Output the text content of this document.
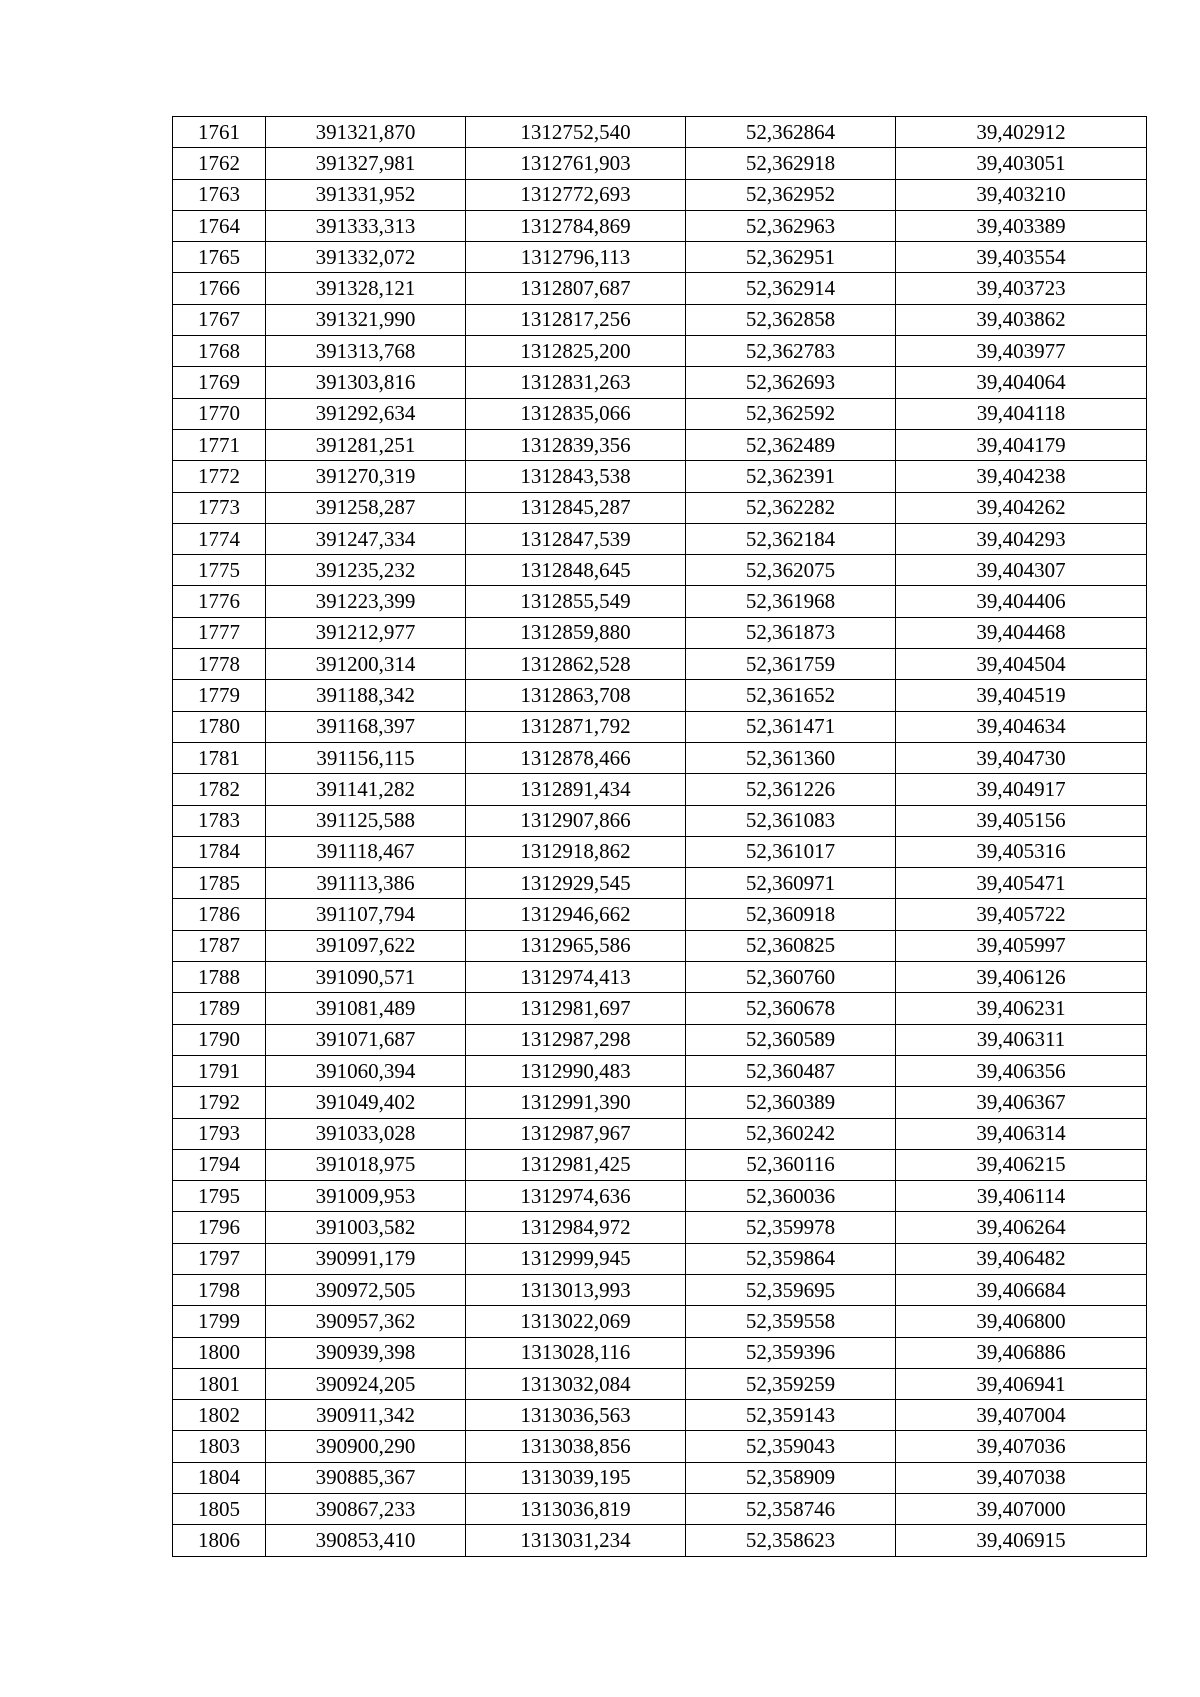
1761	391321,870	1312752,540	52,362864	39,402912
1762	391327,981	1312761,903	52,362918	39,403051
1763	391331,952	1312772,693	52,362952	39,403210
1764	391333,313	1312784,869	52,362963	39,403389
1765	391332,072	1312796,113	52,362951	39,403554
1766	391328,121	1312807,687	52,362914	39,403723
1767	391321,990	1312817,256	52,362858	39,403862
1768	391313,768	1312825,200	52,362783	39,403977
1769	391303,816	1312831,263	52,362693	39,404064
1770	391292,634	1312835,066	52,362592	39,404118
1771	391281,251	1312839,356	52,362489	39,404179
1772	391270,319	1312843,538	52,362391	39,404238
1773	391258,287	1312845,287	52,362282	39,404262
1774	391247,334	1312847,539	52,362184	39,404293
1775	391235,232	1312848,645	52,362075	39,404307
1776	391223,399	1312855,549	52,361968	39,404406
1777	391212,977	1312859,880	52,361873	39,404468
1778	391200,314	1312862,528	52,361759	39,404504
1779	391188,342	1312863,708	52,361652	39,404519
1780	391168,397	1312871,792	52,361471	39,404634
1781	391156,115	1312878,466	52,361360	39,404730
1782	391141,282	1312891,434	52,361226	39,404917
1783	391125,588	1312907,866	52,361083	39,405156
1784	391118,467	1312918,862	52,361017	39,405316
1785	391113,386	1312929,545	52,360971	39,405471
1786	391107,794	1312946,662	52,360918	39,405722
1787	391097,622	1312965,586	52,360825	39,405997
1788	391090,571	1312974,413	52,360760	39,406126
1789	391081,489	1312981,697	52,360678	39,406231
1790	391071,687	1312987,298	52,360589	39,406311
1791	391060,394	1312990,483	52,360487	39,406356
1792	391049,402	1312991,390	52,360389	39,406367
1793	391033,028	1312987,967	52,360242	39,406314
1794	391018,975	1312981,425	52,360116	39,406215
1795	391009,953	1312974,636	52,360036	39,406114
1796	391003,582	1312984,972	52,359978	39,406264
1797	390991,179	1312999,945	52,359864	39,406482
1798	390972,505	1313013,993	52,359695	39,406684
1799	390957,362	1313022,069	52,359558	39,406800
1800	390939,398	1313028,116	52,359396	39,406886
1801	390924,205	1313032,084	52,359259	39,406941
1802	390911,342	1313036,563	52,359143	39,407004
1803	390900,290	1313038,856	52,359043	39,407036
1804	390885,367	1313039,195	52,358909	39,407038
1805	390867,233	1313036,819	52,358746	39,407000
1806	390853,410	1313031,234	52,358623	39,406915
